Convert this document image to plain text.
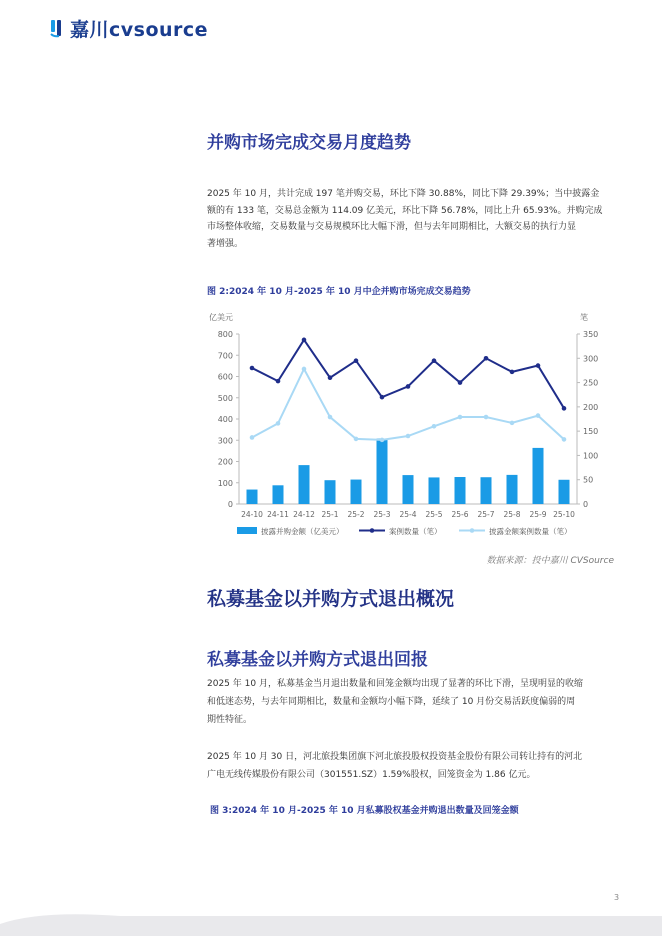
嘉川cvsource
并购市场完成交易月度趋势
2025 年 10 月，共计完成 197 笔并购交易，环比下降 30.88%，同比下降 29.39%；当中披露金
额的有 133 笔，交易总金额为 114.09 亿美元，环比下降 56.78%，同比上升 65.93%。并购完成
市场整体收缩，交易数量与交易规模环比大幅下滑，但与去年同期相比，大额交易的执行力显
著增强。
图 2:2024 年 10 月-2025 年 10 月中企并购市场完成交易趋势
亿美元	笔
0
100
200
300
400
500
600
700
800
0
50
100
150
200
250
300
350
24-10 24-11 24-12 25-1 25-2 25-3 25-4 25-5 25-6 25-7 25-8 25-9 25-10
披露并购金额（亿美元）	案例数量（笔）	披露金额案例数量（笔）
数据来源：投中嘉川 CVSource
私募基金以并购方式退出概况
私募基金以并购方式退出回报
2025 年 10 月，私募基金当月退出数量和回笼金额均出现了显著的环比下滑，呈现明显的收缩
和低迷态势，与去年同期相比，数量和金额均小幅下降，延续了 10 月份交易活跃度偏弱的周
期性特征。
2025 年 10 月 30 日，河北旅投集团旗下河北旅投股权投资基金股份有限公司转让持有的河北
广电无线传媒股份有限公司（301551.SZ）1.59%股权，回笼资金为 1.86 亿元。
图 3:2024 年 10 月-2025 年 10 月私募股权基金并购退出数量及回笼金额
3
